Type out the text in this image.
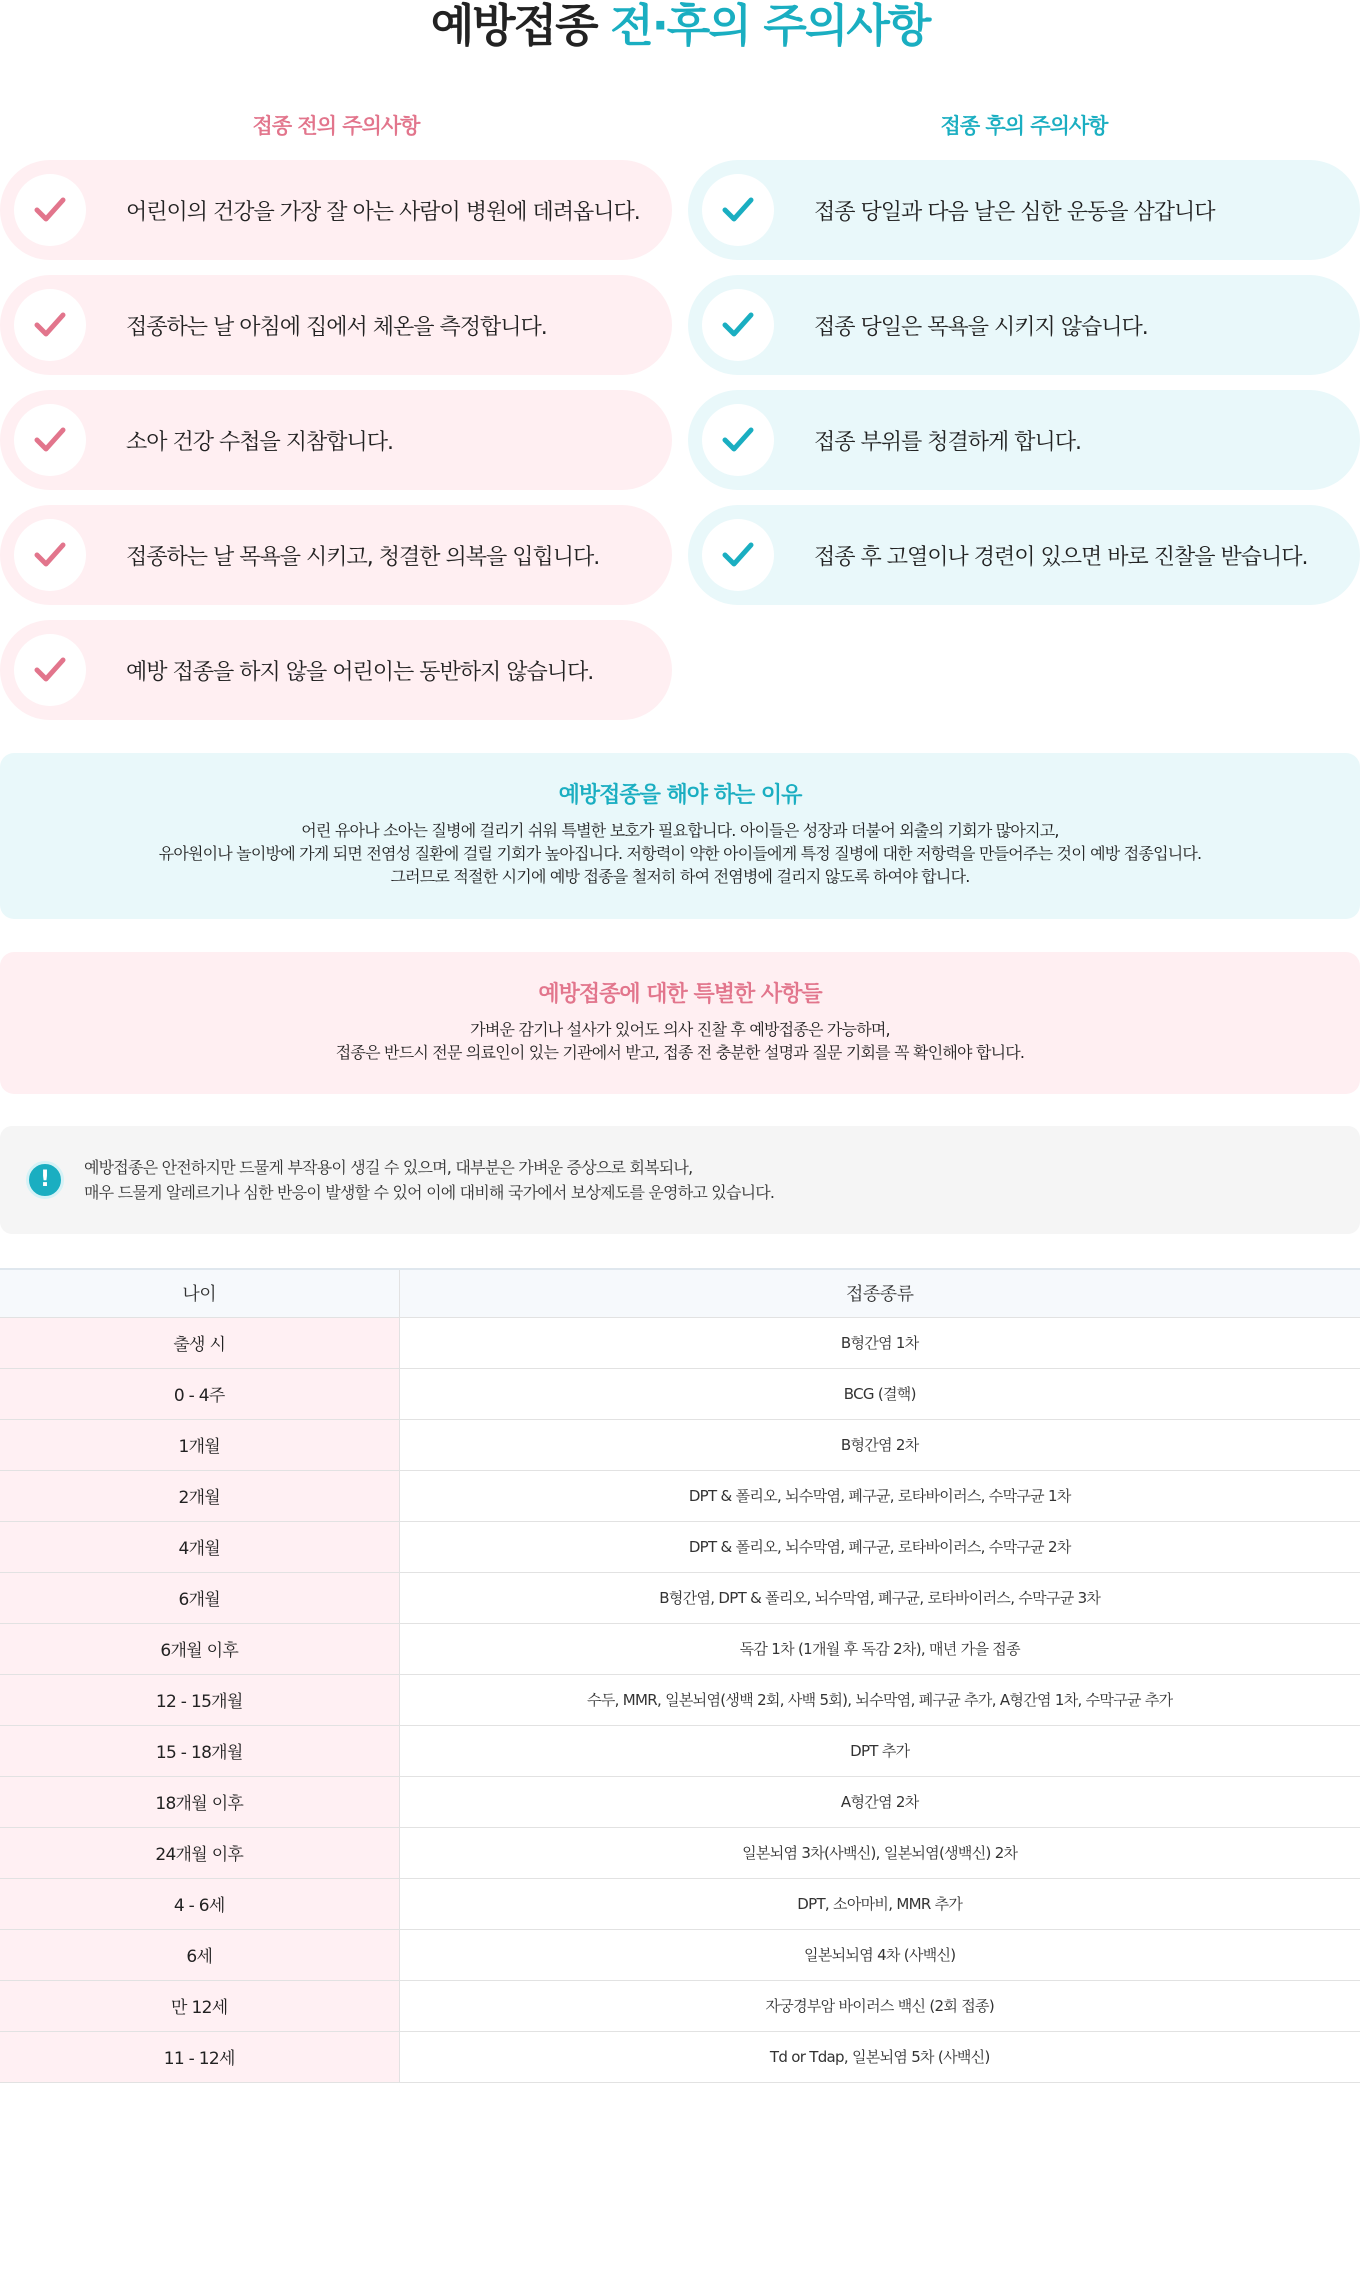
예방접종 전·후의 주의사항
접종 전의 주의사항	접종 후의 주의사항
어린이의 건강을 가장 잘 아는 사람이 병원에 데려옵니다.
접종하는 날 아침에 집에서 체온을 측정합니다.
소아 건강 수첩을 지참합니다.
접종하는 날 목욕을 시키고, 청결한 의복을 입힙니다.
예방 접종을 하지 않을 어린이는 동반하지 않습니다.
접종 당일과 다음 날은 심한 운동을 삼갑니다
접종 당일은 목욕을 시키지 않습니다.
접종 부위를 청결하게 합니다.
접종 후 고열이나 경련이 있으면 바로 진찰을 받습니다.
예방접종을 해야 하는 이유
어린 유아나 소아는 질병에 걸리기 쉬워 특별한 보호가 필요합니다. 아이들은 성장과 더불어 외출의 기회가 많아지고,
유아원이나 놀이방에 가게 되면 전염성 질환에 걸릴 기회가 높아집니다. 저항력이 약한 아이들에게 특정 질병에 대한 저항력을 만들어주는 것이 예방 접종입니다.
그러므로 적절한 시기에 예방 접종을 철저히 하여 전염병에 걸리지 않도록 하여야 합니다.
예방접종에 대한 특별한 사항들
가벼운 감기나 설사가 있어도 의사 진찰 후 예방접종은 가능하며,
접종은 반드시 전문 의료인이 있는 기관에서 받고, 접종 전 충분한 설명과 질문 기회를 꼭 확인해야 합니다.
! 예방접종은 안전하지만 드물게 부작용이 생길 수 있으며, 대부분은 가벼운 증상으로 회복되나,
매우 드물게 알레르기나 심한 반응이 발생할 수 있어 이에 대비해 국가에서 보상제도를 운영하고 있습니다.
나이	접종종류
출생 시	B형간염 1차
0 - 4주	BCG (결핵)
1개월	B형간염 2차
2개월	DPT & 폴리오, 뇌수막염, 폐구균, 로타바이러스, 수막구균 1차
4개월	DPT & 폴리오, 뇌수막염, 폐구균, 로타바이러스, 수막구균 2차
6개월	B형간염, DPT & 폴리오, 뇌수막염, 폐구균, 로타바이러스, 수막구균 3차
6개월 이후	독감 1차 (1개월 후 독감 2차), 매년 가을 접종
12 - 15개월	수두, MMR, 일본뇌염(생백 2회, 사백 5회), 뇌수막염, 폐구균 추가, A형간염 1차, 수막구균 추가
15 - 18개월	DPT 추가
18개월 이후	A형간염 2차
24개월 이후	일본뇌염 3차(사백신), 일본뇌염(생백신) 2차
4 - 6세	DPT, 소아마비, MMR 추가
6세	일본뇌뇌염 4차 (사백신)
만 12세	자궁경부암 바이러스 백신 (2회 접종)
11 - 12세	Td or Tdap, 일본뇌염 5차 (사백신)
